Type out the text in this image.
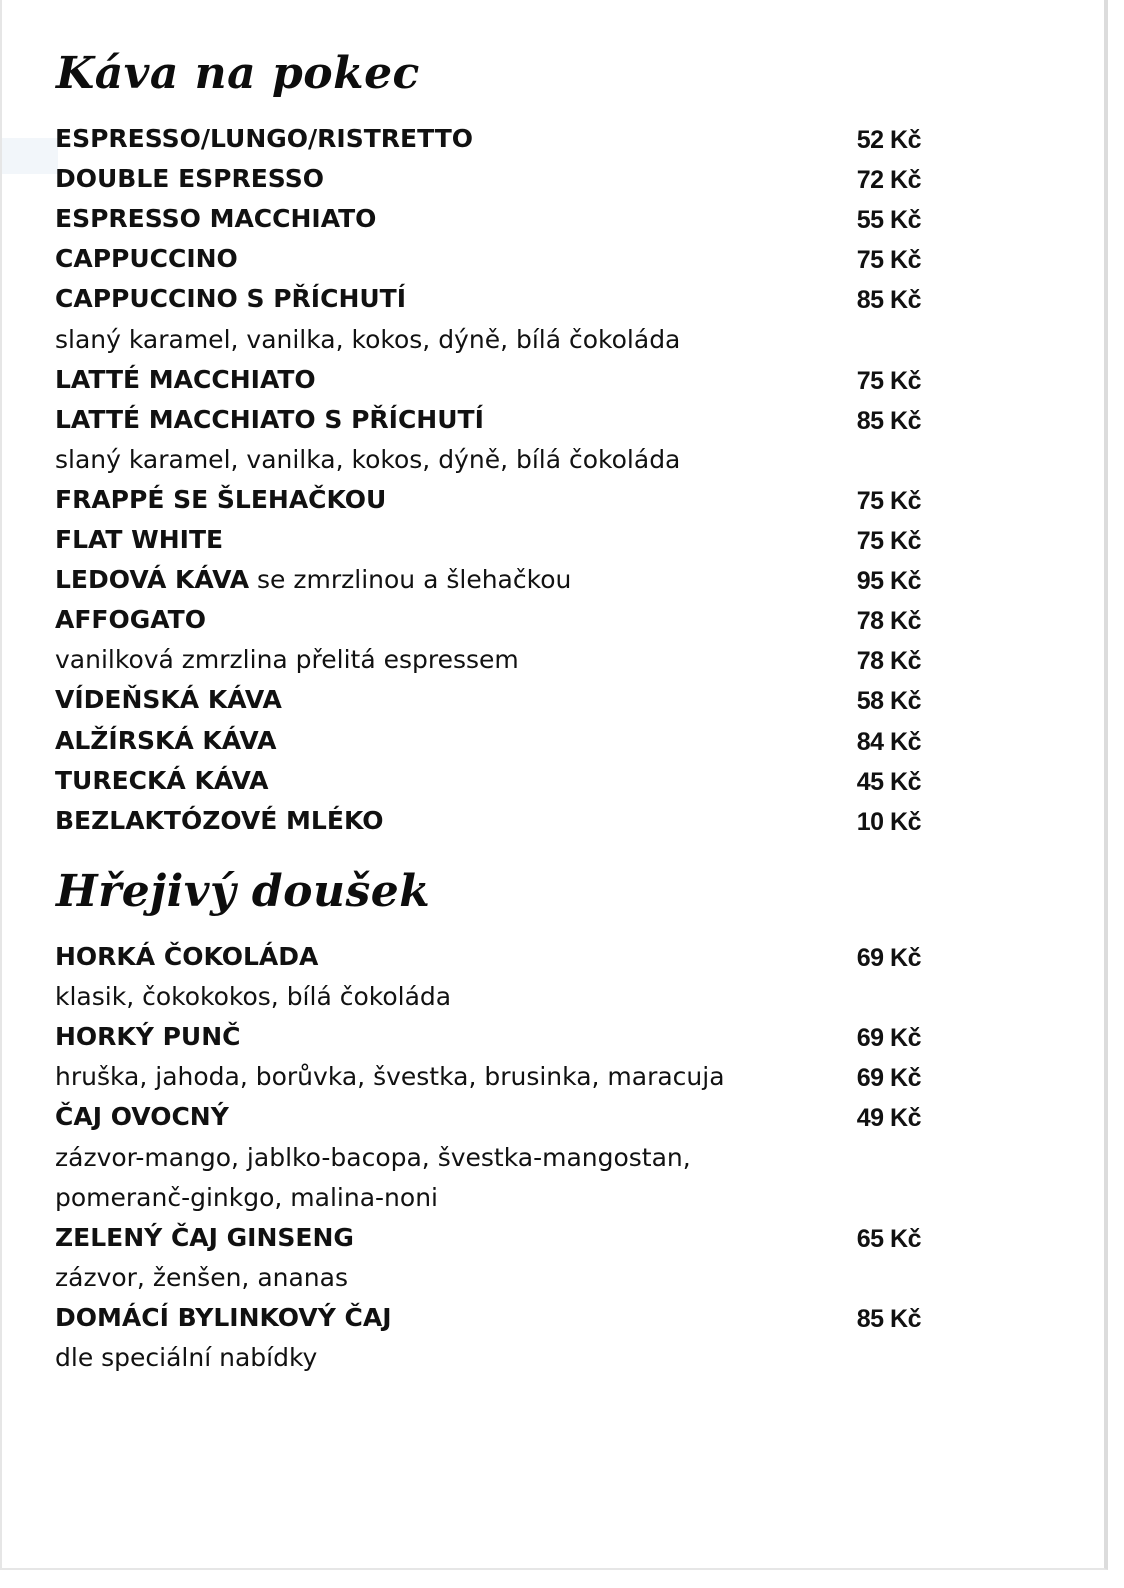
Káva na pokec
ESPRESSO/LUNGO/RISTRETTO	52 Kč
DOUBLE ESPRESSO	72 Kč
ESPRESSO MACCHIATO	55 Kč
CAPPUCCINO	75 Kč
CAPPUCCINO S PŘÍCHUTÍ	85 Kč
slaný karamel, vanilka, kokos, dýně, bílá čokoláda
LATTÉ MACCHIATO	75 Kč
LATTÉ MACCHIATO S PŘÍCHUTÍ	85 Kč
slaný karamel, vanilka, kokos, dýně, bílá čokoláda
FRAPPÉ SE ŠLEHAČKOU	75 Kč
FLAT WHITE	75 Kč
LEDOVÁ KÁVA se zmrzlinou a šlehačkou	95 Kč
AFFOGATO	78 Kč
vanilková zmrzlina přelitá espressem	78 Kč
VÍDEŇSKÁ KÁVA	58 Kč
ALŽÍRSKÁ KÁVA	84 Kč
TURECKÁ KÁVA	45 Kč
BEZLAKTÓZOVÉ MLÉKO	10 Kč
Hřejivý doušek
HORKÁ ČOKOLÁDA	69 Kč
klasik, čokokokos, bílá čokoláda
HORKÝ PUNČ	69 Kč
hruška, jahoda, borůvka, švestka, brusinka, maracuja	69 Kč
ČAJ OVOCNÝ	49 Kč
zázvor-mango, jablko-bacopa, švestka-mangostan,
pomeranč-ginkgo, malina-noni
ZELENÝ ČAJ GINSENG	65 Kč
zázvor, ženšen, ananas
DOMÁCÍ BYLINKOVÝ ČAJ	85 Kč
dle speciální nabídky
